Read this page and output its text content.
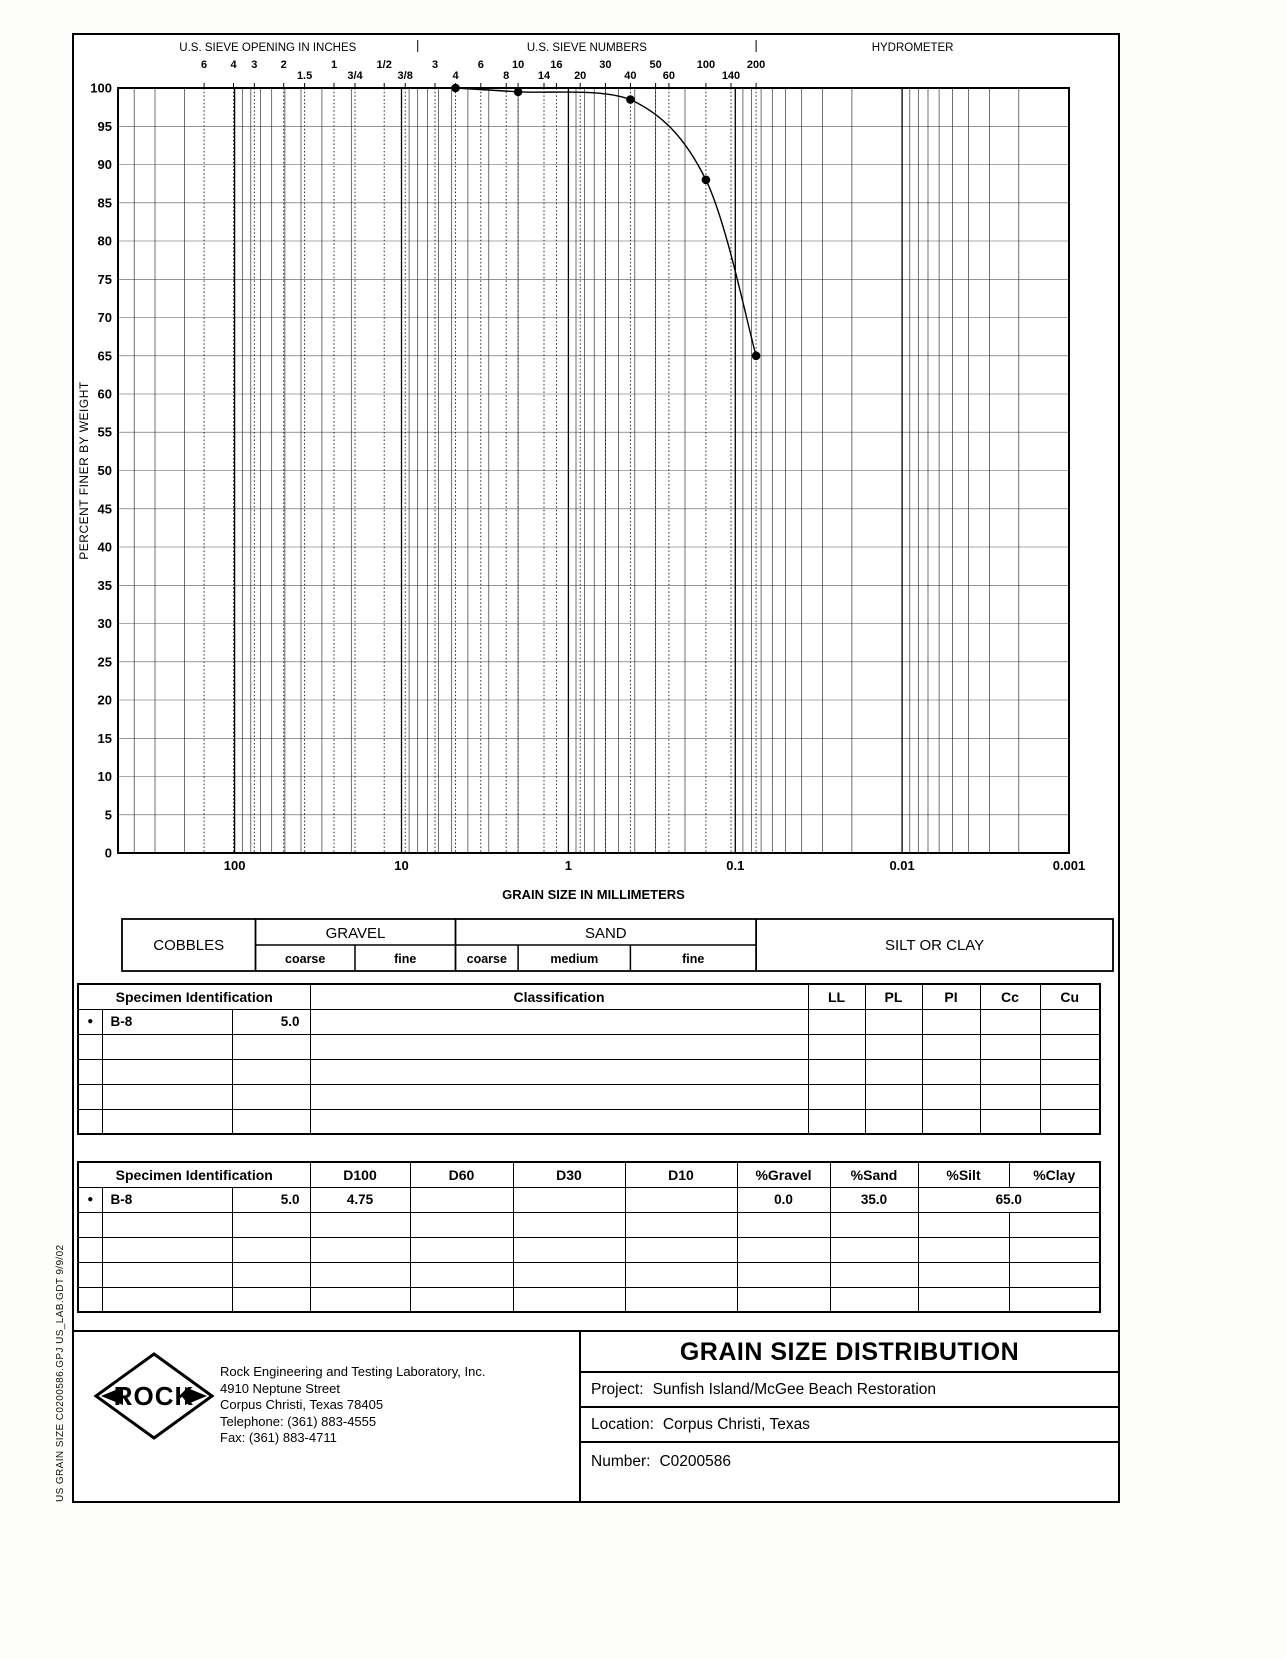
US GRAIN SIZE C0200586.GPJ US_LAB.GDT 9/9/02
6 4 3 2
1.5
1
3/4
1/2
3/8
3
4
6
8
10
14
16
20
30
40
50
60
100
140
200
U.S. SIEVE OPENING IN INCHES	U.S. SIEVE NUMBERS	HYDROMETER
0
5
10
15
20
25
30
35
40
45
50
55
60
65
70
75
80
85
90
95
100
PERCENT FINER BY WEIGHT
100	10	1	0.1	0.01	0.001
GRAIN SIZE IN MILLIMETERS
COBBLES
GRAVEL
coarse	fine
SAND
coarse	medium	fine
SILT OR CLAY
Specimen Identification			Classification	LL	PL	PI	Cc	Cu
●	B-8	5.0						

Specimen Identification			D100	D60	D30	D10	%Gravel	%Sand	%Silt	%Clay
●	B-8	5.0	4.75				0.0	35.0	65.0	

ROCK
Rock Engineering and Testing Laboratory, Inc.
4910 Neptune Street
Corpus Christi, Texas 78405
Telephone: (361) 883-4555
Fax: (361) 883-4711
GRAIN SIZE DISTRIBUTION
Project: Sunfish Island/McGee Beach Restoration
Location: Corpus Christi, Texas
Number: C0200586
